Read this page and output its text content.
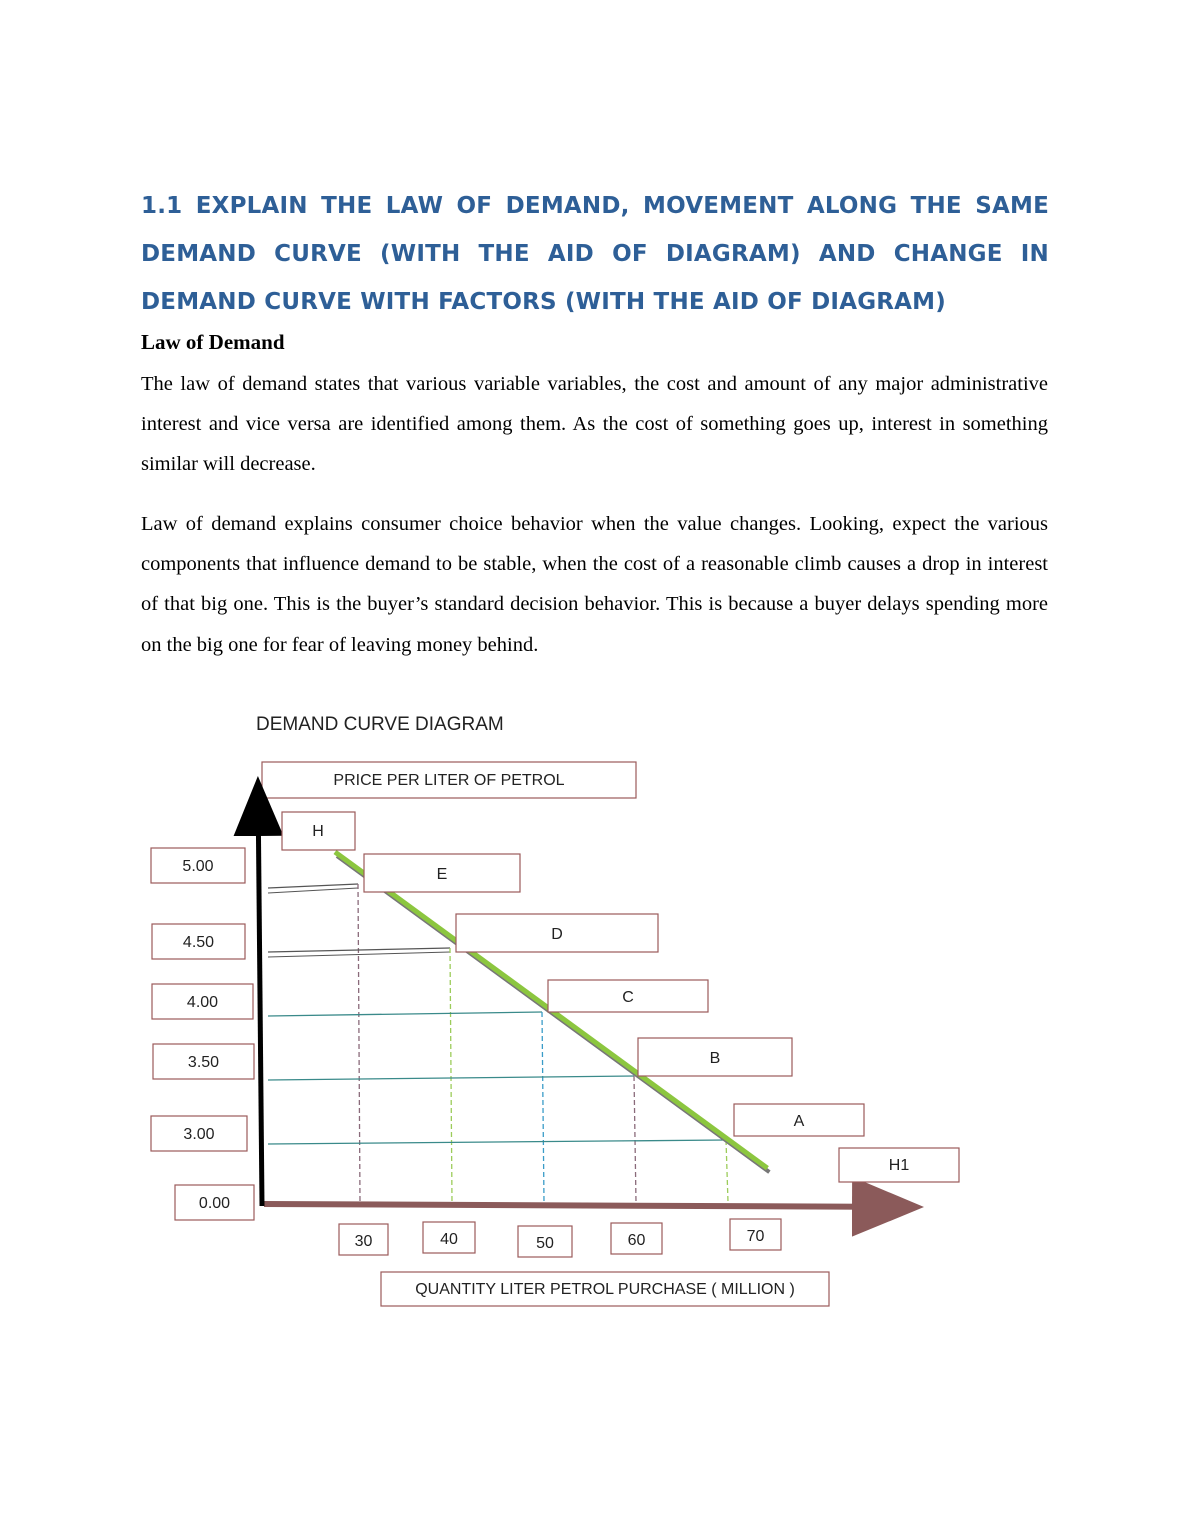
1.1 EXPLAIN THE LAW OF DEMAND, MOVEMENT ALONG THE SAME DEMAND CURVE (WITH THE AID OF DIAGRAM) AND CHANGE IN DEMAND CURVE WITH FACTORS (WITH THE AID OF DIAGRAM)
Law of Demand

The law of demand states that various variable variables, the cost and amount of any major administrative interest and vice versa are identified among them. As the cost of something goes up, interest in something similar will decrease.

Law of demand explains consumer choice behavior when the value changes. Looking, expect the various components that influence demand to be stable, when the cost of a reasonable climb causes a drop in interest of that big one. This is the buyer’s standard decision behavior. This is because a buyer delays spending more on the big one for fear of leaving money behind.

DEMAND CURVE DIAGRAM
PRICE PER LITER OF PETROL
QUANTITY LITER PETROL PURCHASE ( MILLION )
5.00
4.50
4.00
3.50
3.00
0.00
30	40	50	60	70
E
D
C
B
A
H
H1
